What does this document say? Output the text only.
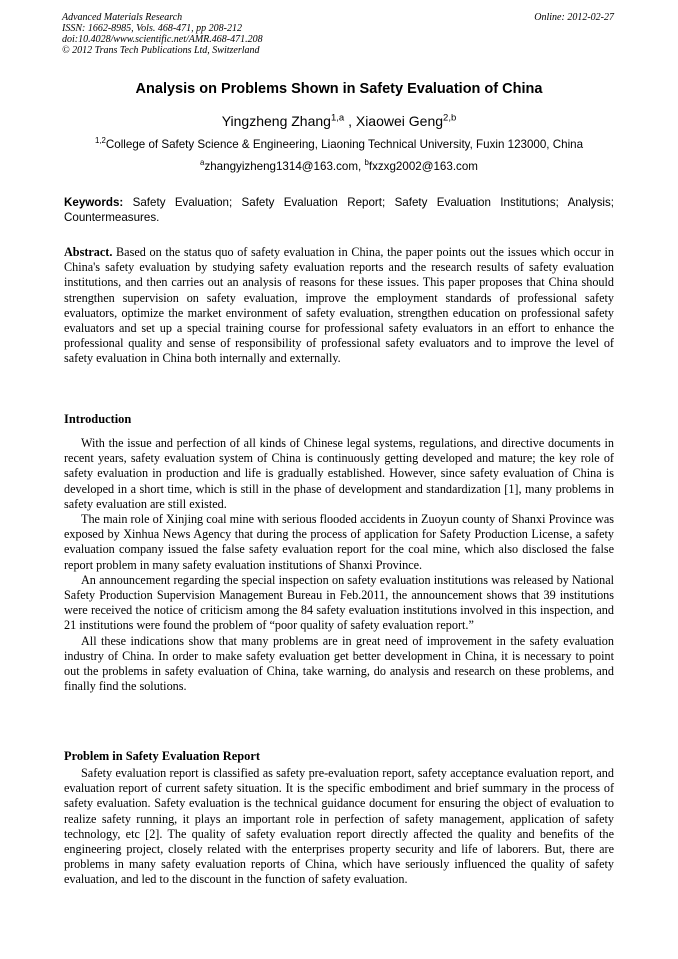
Advanced Materials Research
ISSN: 1662-8985, Vols. 468-471, pp 208-212
doi:10.4028/www.scientific.net/AMR.468-471.208
© 2012 Trans Tech Publications Ltd, Switzerland
Online: 2012-02-27
Analysis on Problems Shown in Safety Evaluation of China
Yingzheng Zhang$^{1,a}$ , Xiaowei Geng$^{2,b}$
$^{1,2}$College of Safety Science & Engineering, Liaoning Technical University, Fuxin 123000, China
$^a$zhangyizheng1314@163.com, $^b$fxzxg2002@163.com
Keywords: Safety Evaluation; Safety Evaluation Report; Safety Evaluation Institutions; Analysis; Countermeasures.
Abstract. Based on the status quo of safety evaluation in China, the paper points out the issues which occur in China's safety evaluation by studying safety evaluation reports and the research results of safety evaluation institutions, and then carries out an analysis of reasons for these issues. This paper proposes that China should strengthen supervision on safety evaluation, improve the employment standards of professional safety evaluators, optimize the market environment of safety evaluation, strengthen education on professional safety evaluators and set up a special training course for professional safety evaluators in an effort to enhance the professional quality and sense of responsibility of professional safety evaluators and to improve the level of safety evaluation in China both internally and externally.
Introduction

With the issue and perfection of all kinds of Chinese legal systems, regulations, and directive documents in recent years, safety evaluation system of China is continuously getting developed and mature; the key role of safety evaluation in production and life is gradually established. However, since safety evaluation of China is developed in a short time, which is still in the phase of development and standardization [1], many problems in safety evaluation are still existed.

The main role of Xinjing coal mine with serious flooded accidents in Zuoyun county of Shanxi Province was exposed by Xinhua News Agency that during the process of application for Safety Production License, a safety evaluation company issued the false safety evaluation report for the coal mine, which also disclosed the false report problem in many safety evaluation institutions of Shanxi Province.

An announcement regarding the special inspection on safety evaluation institutions was released by National Safety Production Supervision Management Bureau in Feb.2011, the announcement shows that 39 institutions were received the notice of criticism among the 84 safety evaluation institutions involved in this inspection, and 21 institutions were found the problem of “poor quality of safety evaluation report.”

All these indications show that many problems are in great need of improvement in the safety evaluation industry of China. In order to make safety evaluation get better development in China, it is necessary to point out the problems in safety evaluation of China, take warning, do analysis and research on these problems, and finally find the solutions.

Problem in Safety Evaluation Report

Safety evaluation report is classified as safety pre-evaluation report, safety acceptance evaluation report, and evaluation report of current safety situation. It is the specific embodiment and brief summary in the process of safety evaluation. Safety evaluation is the technical guidance document for ensuring the object of evaluation to realize safety running, it plays an important role in perfection of safety management, application of safety technology, etc [2]. The quality of safety evaluation report directly affected the quality and benefits of the engineering project, closely related with the enterprises property security and life of laborers. But, there are problems in many safety evaluation reports of China, which have seriously influenced the quality of safety evaluation, and led to the discount in the function of safety evaluation.
